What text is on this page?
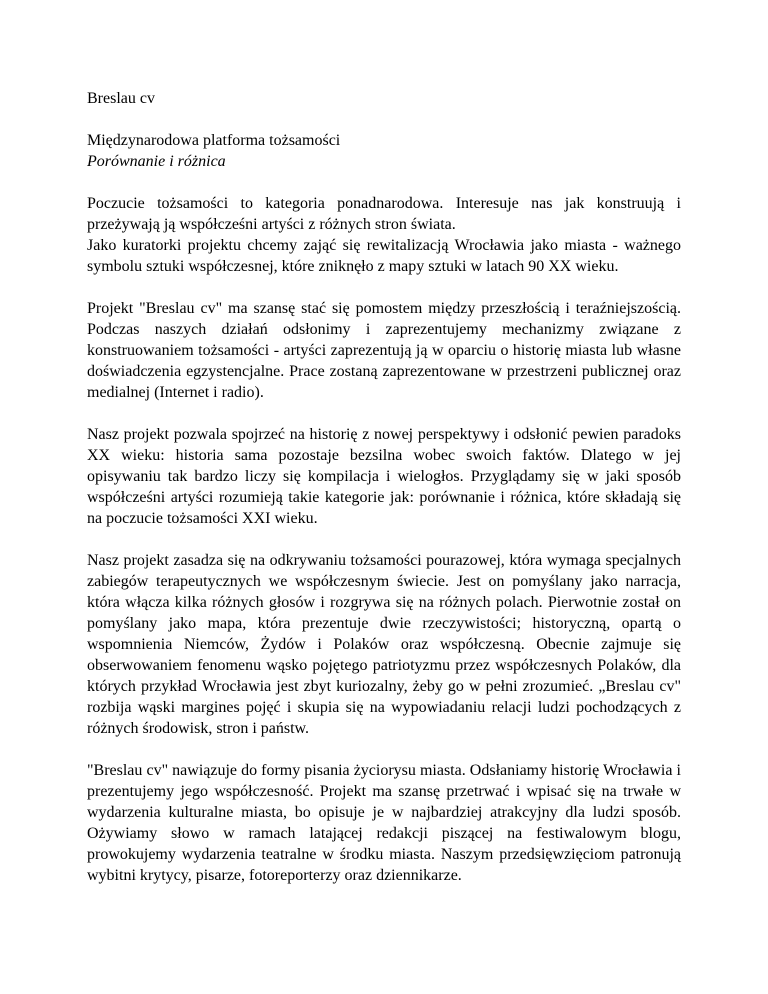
Breslau cv

Międzynarodowa platforma tożsamości
Porównanie i różnica

Poczucie tożsamości to kategoria ponadnarodowa. Interesuje nas jak konstruują i przeżywają ją współcześni artyści z różnych stron świata.
Jako kuratorki projektu chcemy zająć się rewitalizacją Wrocławia jako miasta - ważnego symbolu sztuki współczesnej, które zniknęło z mapy sztuki w latach 90 XX wieku.

Projekt "Breslau cv" ma szansę stać się pomostem między przeszłością i teraźniejszością. Podczas naszych działań odsłonimy i zaprezentujemy mechanizmy związane z konstruowaniem tożsamości - artyści zaprezentują ją w oparciu o historię miasta lub własne doświadczenia egzystencjalne. Prace zostaną zaprezentowane w przestrzeni publicznej oraz medialnej (Internet i radio).

Nasz projekt pozwala spojrzeć na historię z nowej perspektywy i odsłonić pewien paradoks XX wieku: historia sama pozostaje bezsilna wobec swoich faktów. Dlatego w jej opisywaniu tak bardzo liczy się kompilacja i wielogłos. Przyglądamy się w jaki sposób współcześni artyści rozumieją takie kategorie jak: porównanie i różnica, które składają się na poczucie tożsamości XXI wieku.

Nasz projekt zasadza się na odkrywaniu tożsamości pourazowej, która wymaga specjalnych zabiegów terapeutycznych we współczesnym świecie. Jest on pomyślany jako narracja, która włącza kilka różnych głosów i rozgrywa się na różnych polach. Pierwotnie został on pomyślany jako mapa, która prezentuje dwie rzeczywistości; historyczną, opartą o wspomnienia Niemców, Żydów i Polaków oraz współczesną. Obecnie zajmuje się obserwowaniem fenomenu wąsko pojętego patriotyzmu przez współczesnych Polaków, dla których przykład Wrocławia jest zbyt kuriozalny, żeby go w pełni zrozumieć. „Breslau cv" rozbija wąski margines pojęć i skupia się na wypowiadaniu relacji ludzi pochodzących z różnych środowisk, stron i państw.

"Breslau cv" nawiązuje do formy pisania życiorysu miasta. Odsłaniamy historię Wrocławia i prezentujemy jego współczesność. Projekt ma szansę przetrwać i wpisać się na trwałe w wydarzenia kulturalne miasta, bo opisuje je w najbardziej atrakcyjny dla ludzi sposób. Ożywiamy słowo w ramach latającej redakcji piszącej na festiwalowym blogu, prowokujemy wydarzenia teatralne w środku miasta. Naszym przedsięwzięciom patronują wybitni krytycy, pisarze, fotoreporterzy oraz dziennikarze.
